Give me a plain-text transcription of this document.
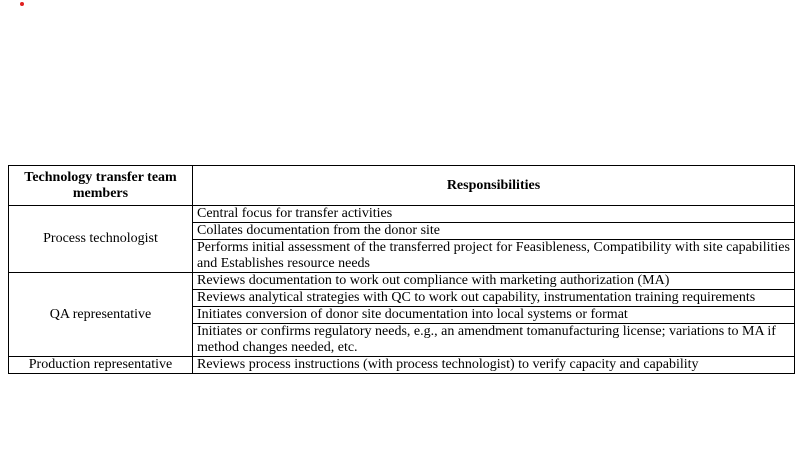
Technology transfer team members	Responsibilities
Process technologist	Central focus for transfer activities
	Collates documentation from the donor site
	Performs initial assessment of the transferred project for Feasibleness, Compatibility with site capabilities and Establishes resource needs
QA representative	Reviews documentation to work out compliance with marketing authorization (MA)
	Reviews analytical strategies with QC to work out capability, instrumentation training requirements
	Initiates conversion of donor site documentation into local systems or format
	Initiates or confirms regulatory needs, e.g., an amendment tomanufacturing license; variations to MA if method changes needed, etc.
Production representative	Reviews process instructions (with process technologist) to verify capacity and capability
